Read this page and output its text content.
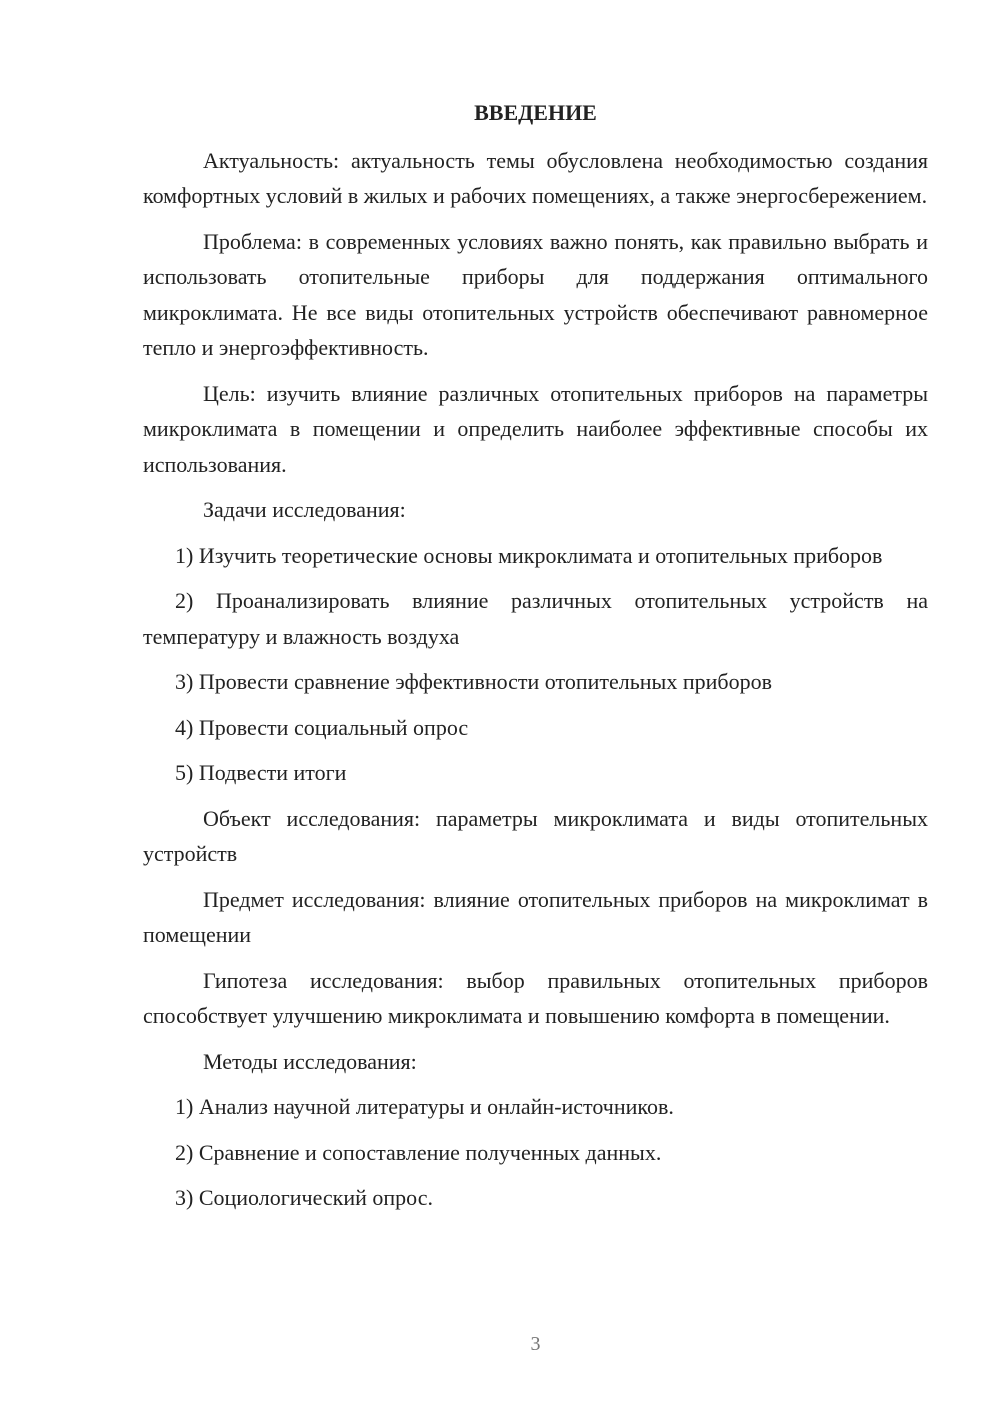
ВВЕДЕНИЕ

Актуальность: актуальность темы обусловлена необходимостью создания комфортных условий в жилых и рабочих помещениях, а также энергосбережением.

Проблема: в современных условиях важно понять, как правильно выбрать и использовать отопительные приборы для поддержания оптимального микроклимата. Не все виды отопительных устройств обеспечивают равномерное тепло и энергоэффективность.

Цель: изучить влияние различных отопительных приборов на параметры микроклимата в помещении и определить наиболее эффективные способы их использования.

Задачи исследования:

1) Изучить теоретические основы микроклимата и отопительных приборов

2) Проанализировать влияние различных отопительных устройств на температуру и влажность воздуха

3) Провести сравнение эффективности отопительных приборов

4) Провести социальный опрос

5) Подвести итоги

Объект исследования: параметры микроклимата и виды отопительных устройств

Предмет исследования: влияние отопительных приборов на микроклимат в помещении

Гипотеза исследования: выбор правильных отопительных приборов способствует улучшению микроклимата и повышению комфорта в помещении.

Методы исследования:

1) Анализ научной литературы и онлайн-источников.

2) Сравнение и сопоставление полученных данных.

3) Социологический опрос.

3
